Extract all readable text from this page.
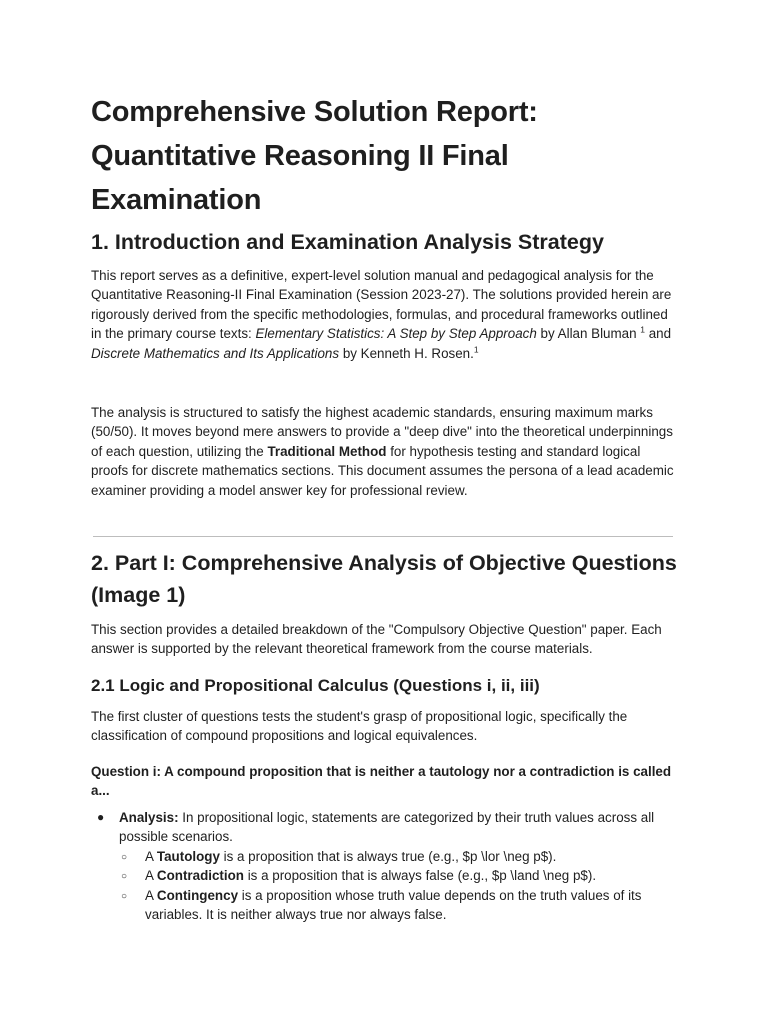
Comprehensive Solution Report: Quantitative Reasoning II Final Examination
1. Introduction and Examination Analysis Strategy

This report serves as a definitive, expert-level solution manual and pedagogical analysis for the Quantitative Reasoning-II Final Examination (Session 2023-27). The solutions provided herein are rigorously derived from the specific methodologies, formulas, and procedural frameworks outlined in the primary course texts: Elementary Statistics: A Step by Step Approach by Allan Bluman $^1$ and Discrete Mathematics and Its Applications by Kenneth H. Rosen.$^1$

The analysis is structured to satisfy the highest academic standards, ensuring maximum marks (50/50). It moves beyond mere answers to provide a "deep dive" into the theoretical underpinnings of each question, utilizing the Traditional Method for hypothesis testing and standard logical proofs for discrete mathematics sections. This document assumes the persona of a lead academic examiner providing a model answer key for professional review.

2. Part I: Comprehensive Analysis of Objective Questions (Image 1)

This section provides a detailed breakdown of the "Compulsory Objective Question" paper. Each answer is supported by the relevant theoretical framework from the course materials.

2.1 Logic and Propositional Calculus (Questions i, ii, iii)

The first cluster of questions tests the student's grasp of propositional logic, specifically the classification of compound propositions and logical equivalences.

Question i: A compound proposition that is neither a tautology nor a contradiction is called a...

● Analysis: In propositional logic, statements are categorized by their truth values across all possible scenarios.
○ A Tautology is a proposition that is always true (e.g., $p \lor \neg p$).
○ A Contradiction is a proposition that is always false (e.g., $p \land \neg p$).
○ A Contingency is a proposition whose truth value depends on the truth values of its variables. It is neither always true nor always false.
